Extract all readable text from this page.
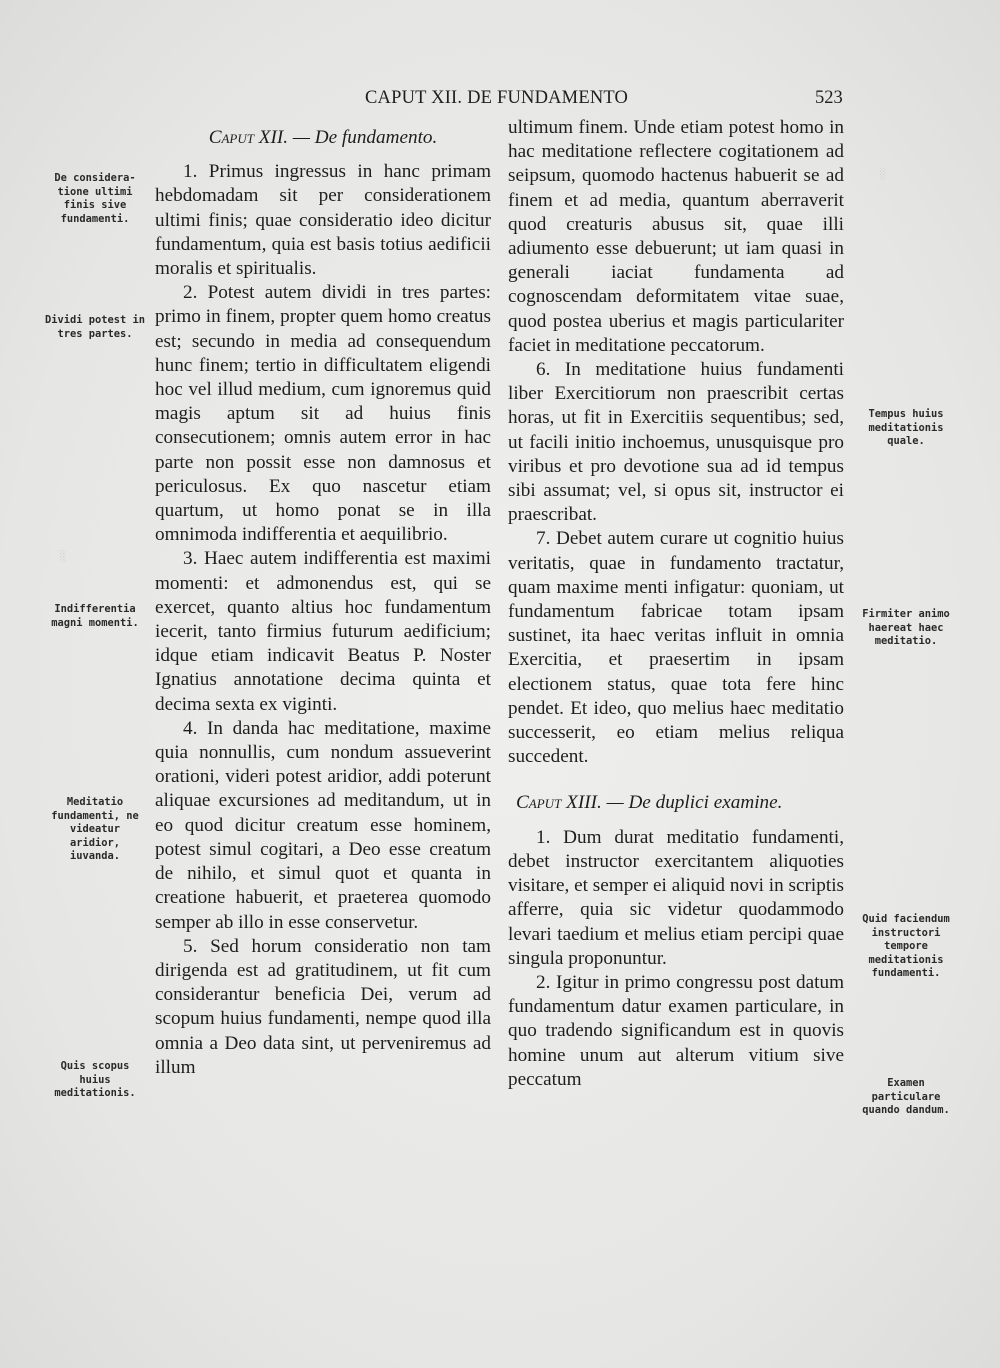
CAPUT XII. DE FUNDAMENTO	523
░
░
Caput XII. — De fundamento.

1. Primus ingressus in hanc primam hebdomadam sit per considerationem ultimi finis; quae consideratio ideo dicitur fundamentum, quia est basis totius aedificii moralis et spiritualis.

2. Potest autem dividi in tres partes: primo in finem, propter quem homo creatus est; secundo in media ad consequendum hunc finem; tertio in difficultatem eligendi hoc vel illud medium, cum ignoremus quid magis aptum sit ad huius finis consecutionem; omnis autem error in hac parte non possit esse non damnosus et periculosus. Ex quo nascetur etiam quartum, ut homo ponat se in illa omnimoda indifferentia et aequilibrio.

3. Haec autem indifferentia est maximi momenti: et admonendus est, qui se exercet, quanto altius hoc fundamentum iecerit, tanto firmius futurum aedificium; idque etiam indicavit Beatus P. Noster Ignatius annotatione decima quinta et decima sexta ex viginti.

4. In danda hac meditatione, maxime quia nonnullis, cum nondum assueverint orationi, videri potest aridior, addi poterunt aliquae excursiones ad meditandum, ut in eo quod dicitur creatum esse hominem, potest simul cogitari, a Deo esse creatum de nihilo, et simul quot et quanta in creatione habuerit, et praeterea quomodo semper ab illo in esse conservetur.

5. Sed horum consideratio non tam dirigenda est ad gratitudinem, ut fit cum considerantur beneficia Dei, verum ad scopum huius fundamenti, nempe quod illa omnia a Deo data sint, ut perveniremus ad illum

ultimum finem. Unde etiam potest homo in hac meditatione reflectere cogitationem ad seipsum, quomodo hactenus habuerit se ad finem et ad media, quantum aberraverit quod creaturis abusus sit, quae illi adiumento esse debuerunt; ut iam quasi in generali iaciat fundamenta ad cognoscendam deformitatem vitae suae, quod postea uberius et magis particulariter faciet in meditatione peccatorum.

6. In meditatione huius fundamenti liber Exercitiorum non praescribit certas horas, ut fit in Exercitiis sequentibus; sed, ut facili initio inchoemus, unusquisque pro viribus et pro devotione sua ad id tempus sibi assumat; vel, si opus sit, instructor ei praescribat.

7. Debet autem curare ut cognitio huius veritatis, quae in fundamento tractatur, quam maxime menti infigatur: quoniam, ut fundamentum fabricae totam ipsam sustinet, ita haec veritas influit in omnia Exercitia, et praesertim in ipsam electionem status, quae tota fere hinc pendet. Et ideo, quo melius haec meditatio successerit, eo etiam melius reliqua succedent.

Caput XIII. — De duplici examine.

1. Dum durat meditatio fundamenti, debet instructor exercitantem aliquoties visitare, et semper ei aliquid novi in scriptis afferre, quia sic videtur quodammodo levari taedium et melius etiam percipi quae singula proponuntur.

2. Igitur in primo congressu post datum fundamentum datur examen particulare, in quo tradendo significandum est in quovis homine unum aut alterum vitium sive peccatum

De considera-tione ultimi finis sive fundamenti.
Dividi potest in tres partes.
Indifferentia magni momenti.
Meditatio fundamenti, ne videatur aridior, iuvanda.
Quis scopus huius meditationis.
Tempus huius meditationis quale.
Firmiter animo haereat haec meditatio.
Quid faciendum instructori tempore meditationis fundamenti.
Examen particulare quando dandum.
